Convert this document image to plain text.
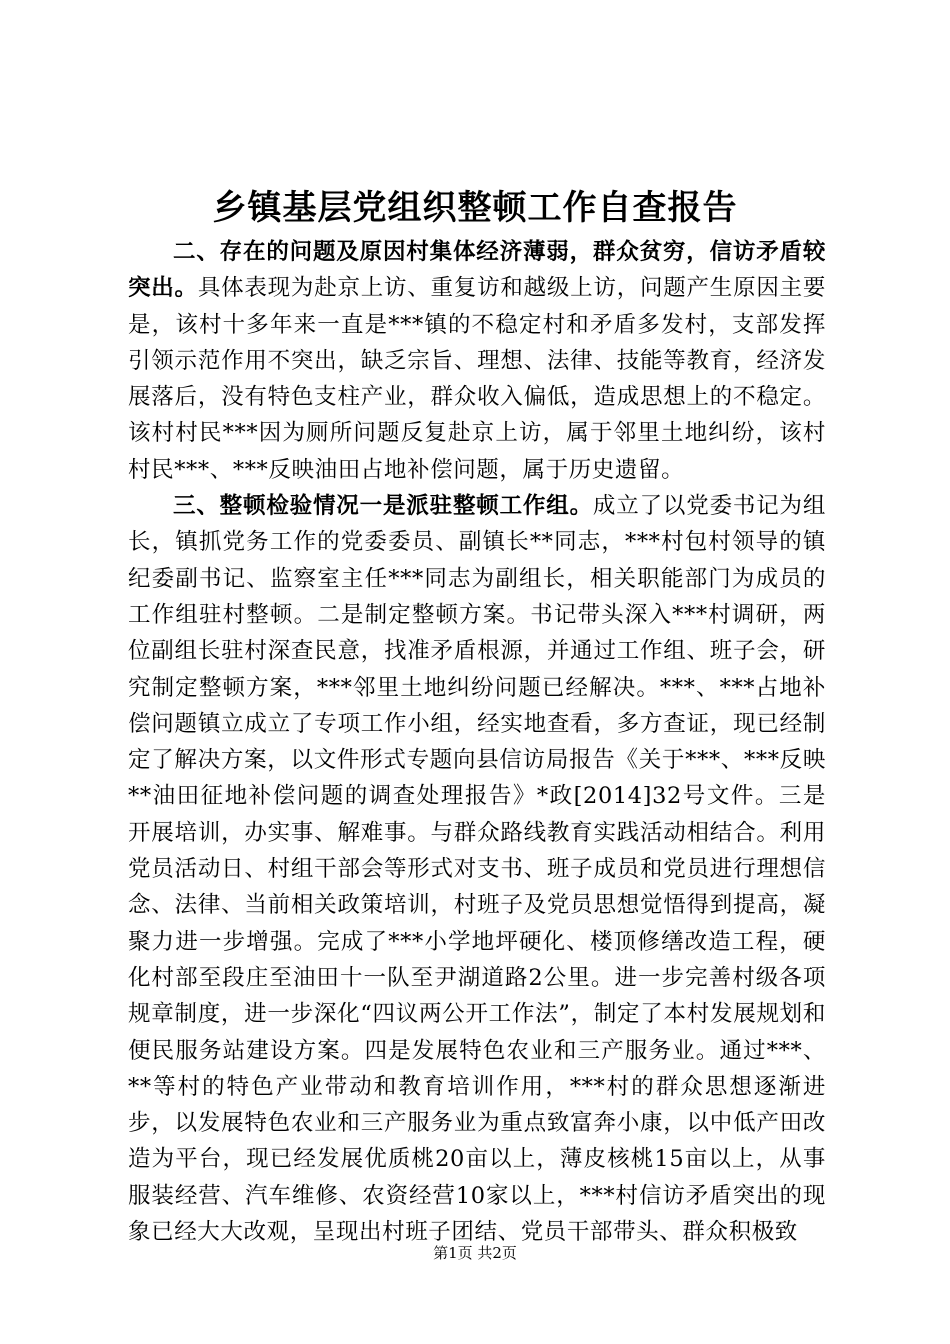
乡镇基层党组织整顿工作自查报告

二、存在的问题及原因村集体经济薄弱，群众贫穷，信访矛盾较突出。具体表现为赴京上访、重复访和越级上访，问题产生原因主要是，该村十多年来一直是***镇的不稳定村和矛盾多发村，支部发挥引领示范作用不突出，缺乏宗旨、理想、法律、技能等教育，经济发展落后，没有特色支柱产业，群众收入偏低，造成思想上的不稳定。该村村民***因为厕所问题反复赴京上访，属于邻里土地纠纷，该村村民***、***反映油田占地补偿问题，属于历史遗留。

三、整顿检验情况一是派驻整顿工作组。成立了以党委书记为组长，镇抓党务工作的党委委员、副镇长**同志，***村包村领导的镇纪委副书记、监察室主任***同志为副组长，相关职能部门为成员的工作组驻村整顿。二是制定整顿方案。书记带头深入***村调研，两位副组长驻村深查民意，找准矛盾根源，并通过工作组、班子会，研究制定整顿方案，***邻里土地纠纷问题已经解决。***、***占地补偿问题镇立成立了专项工作小组，经实地查看，多方查证，现已经制定了解决方案，以文件形式专题向县信访局报告《关于***、***反映**油田征地补偿问题的调查处理报告》*政[2014]32号文件。三是开展培训，办实事、解难事。与群众路线教育实践活动相结合。利用党员活动日、村组干部会等形式对支书、班子成员和党员进行理想信念、法律、当前相关政策培训，村班子及党员思想觉悟得到提高，凝聚力进一步增强。完成了***小学地坪硬化、楼顶修缮改造工程，硬化村部至段庄至油田十一队至尹湖道路2公里。进一步完善村级各项规章制度，进一步深化“四议两公开工作法”，制定了本村发展规划和便民服务站建设方案。四是发展特色农业和三产服务业。通过***、**等村的特色产业带动和教育培训作用，***村的群众思想逐渐进步，以发展特色农业和三产服务业为重点致富奔小康，以中低产田改造为平台，现已经发展优质桃20亩以上，薄皮核桃15亩以上，从事服装经营、汽车维修、农资经营10家以上，***村信访矛盾突出的现象已经大大改观，呈现出村班子团结、党员干部带头、群众积极致

第1页 共2页
